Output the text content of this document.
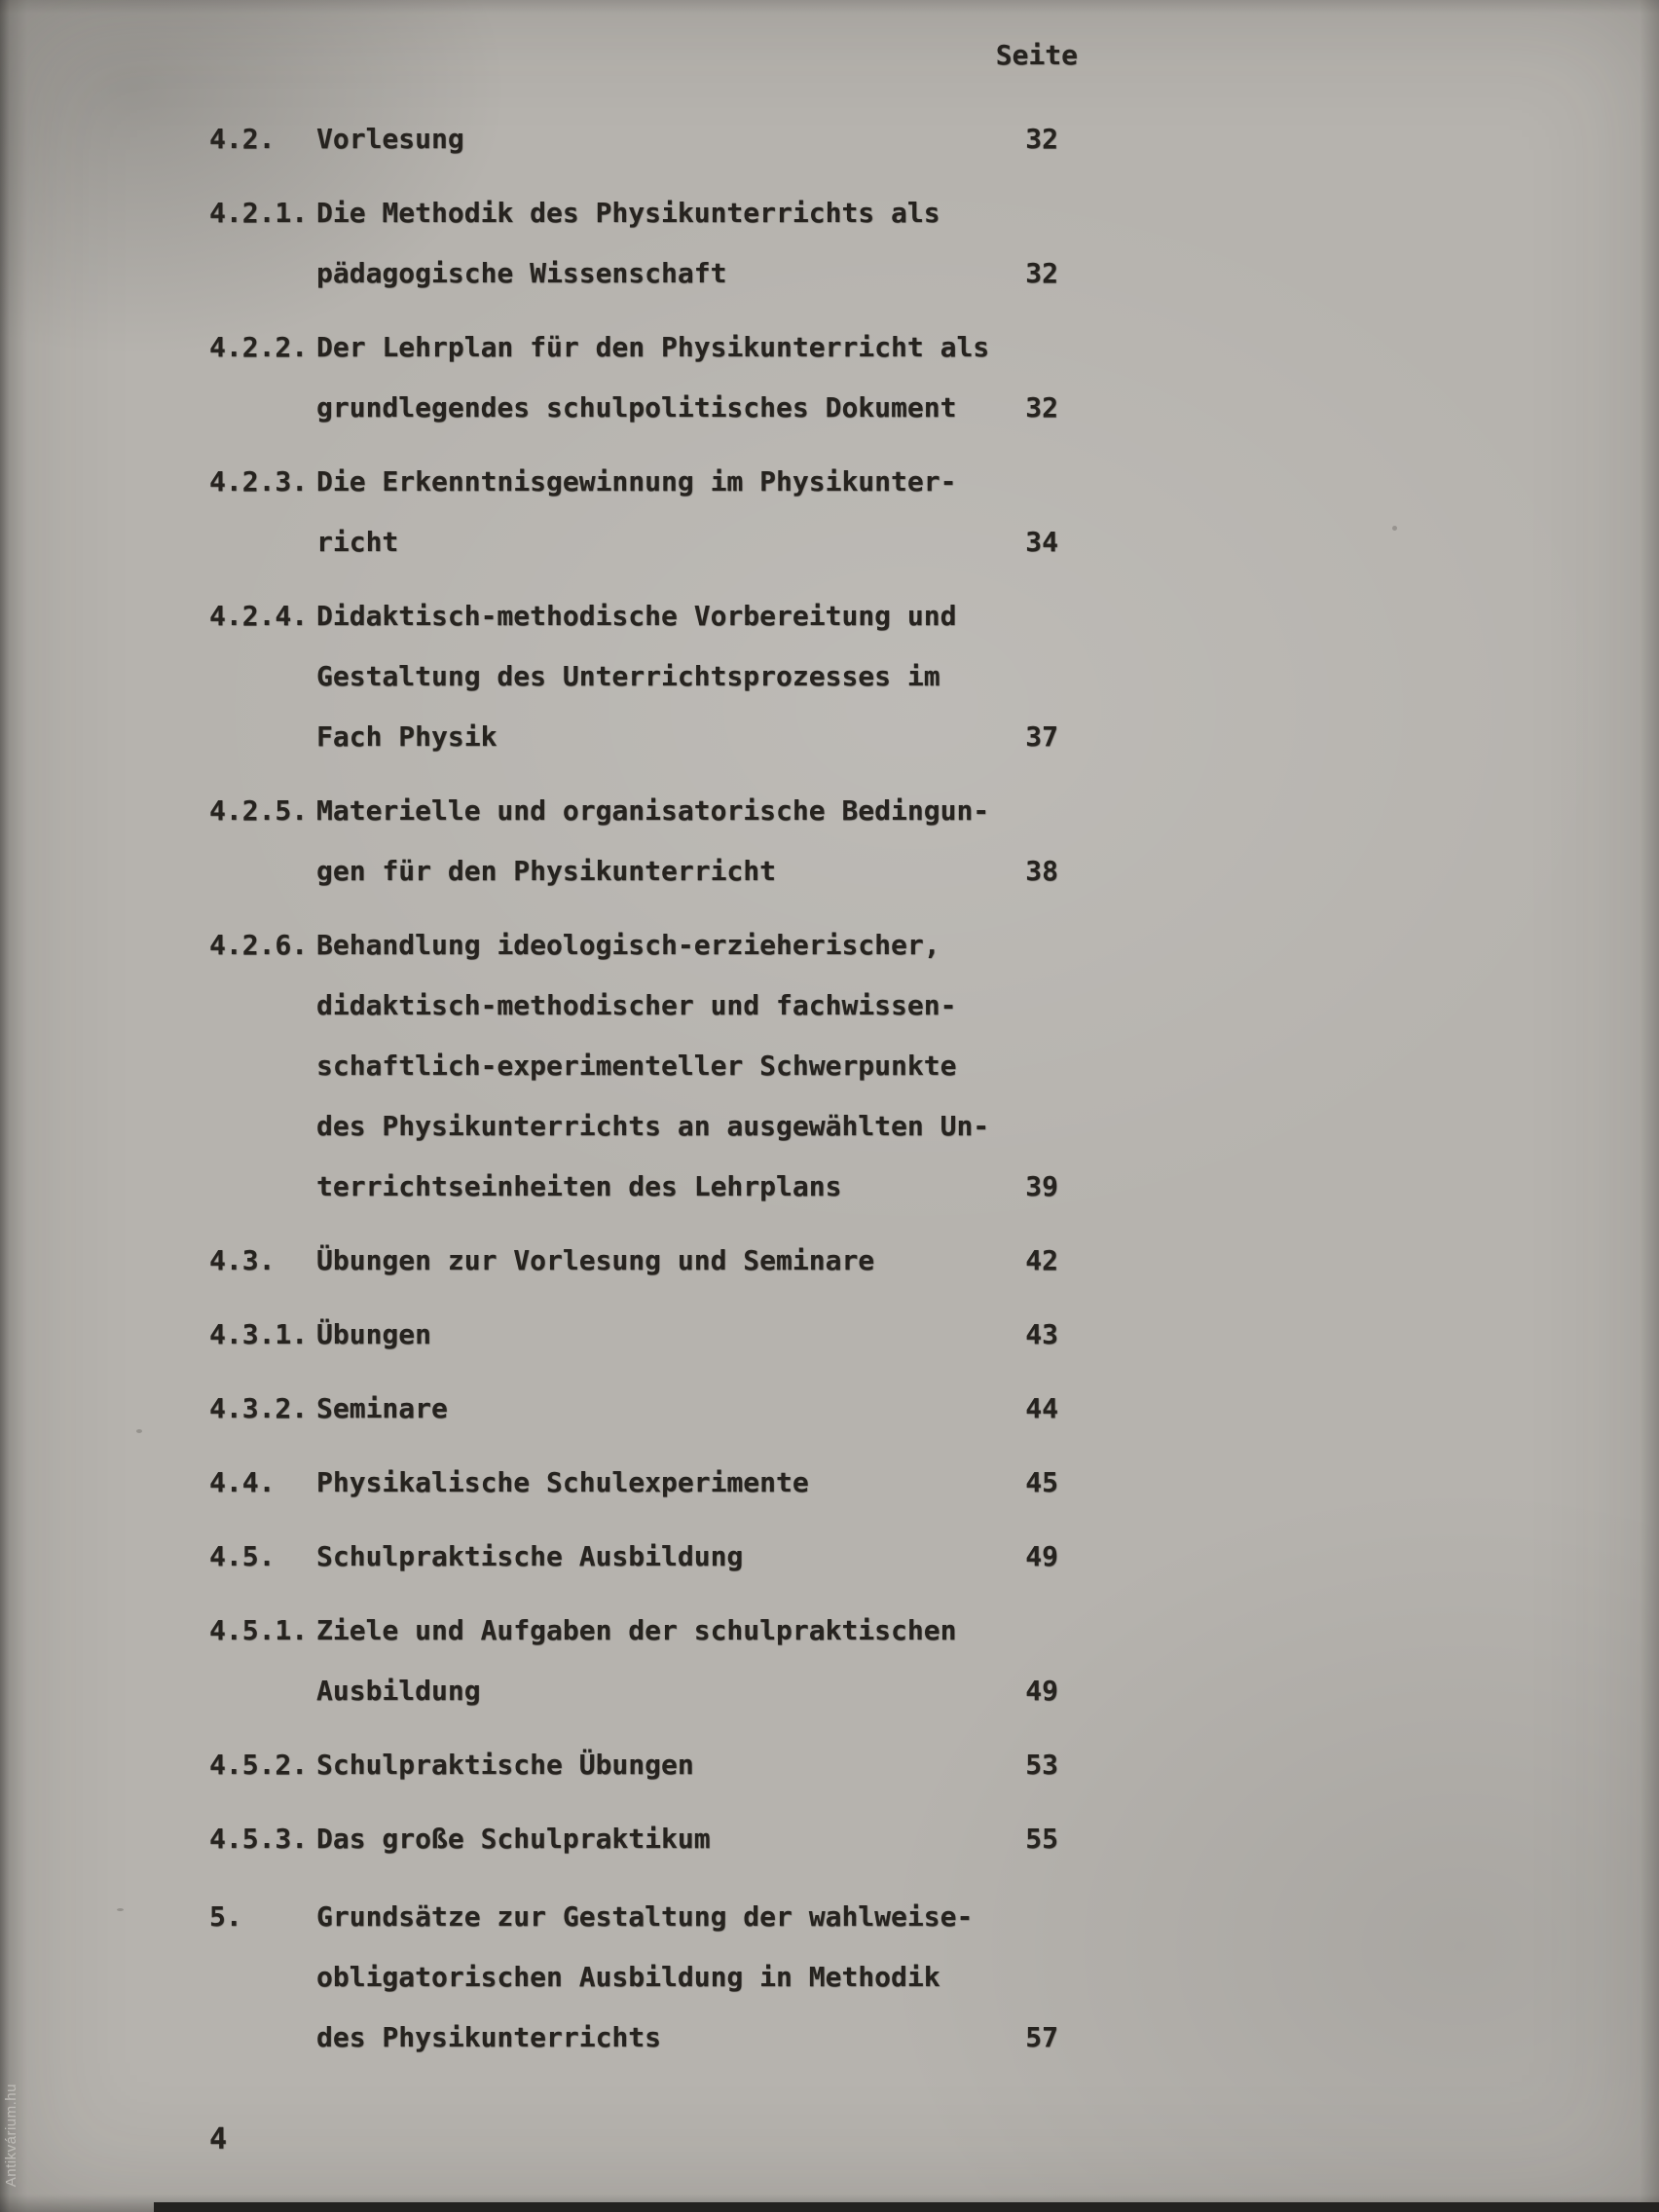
Seite
4.2.	Vorlesung	32
4.2.1. Die Methodik des Physikunterrichts als
pädagogische Wissenschaft	32
4.2.2. Der Lehrplan für den Physikunterricht als
grundlegendes schulpolitisches Dokument	32
4.2.3. Die Erkenntnisgewinnung im Physikunter-
richt	34
4.2.4. Didaktisch-methodische Vorbereitung und
Gestaltung des Unterrichtsprozesses im
Fach Physik	37
4.2.5. Materielle und organisatorische Bedingun-
gen für den Physikunterricht	38
4.2.6. Behandlung ideologisch-erzieherischer,
didaktisch-methodischer und fachwissen-
schaftlich-experimenteller Schwerpunkte
des Physikunterrichts an ausgewählten Un-
terrichtseinheiten des Lehrplans	39
4.3.	Übungen zur Vorlesung und Seminare	42
4.3.1. Übungen	43
4.3.2. Seminare	44
4.4.	Physikalische Schulexperimente	45
4.5.	Schulpraktische Ausbildung	49
4.5.1. Ziele und Aufgaben der schulpraktischen
Ausbildung	49
4.5.2. Schulpraktische Übungen	53
4.5.3. Das große Schulpraktikum	55
5.	Grundsätze zur Gestaltung der wahlweise-
obligatorischen Ausbildung in Methodik
des Physikunterrichts	57
4
Antikvárium.hu
